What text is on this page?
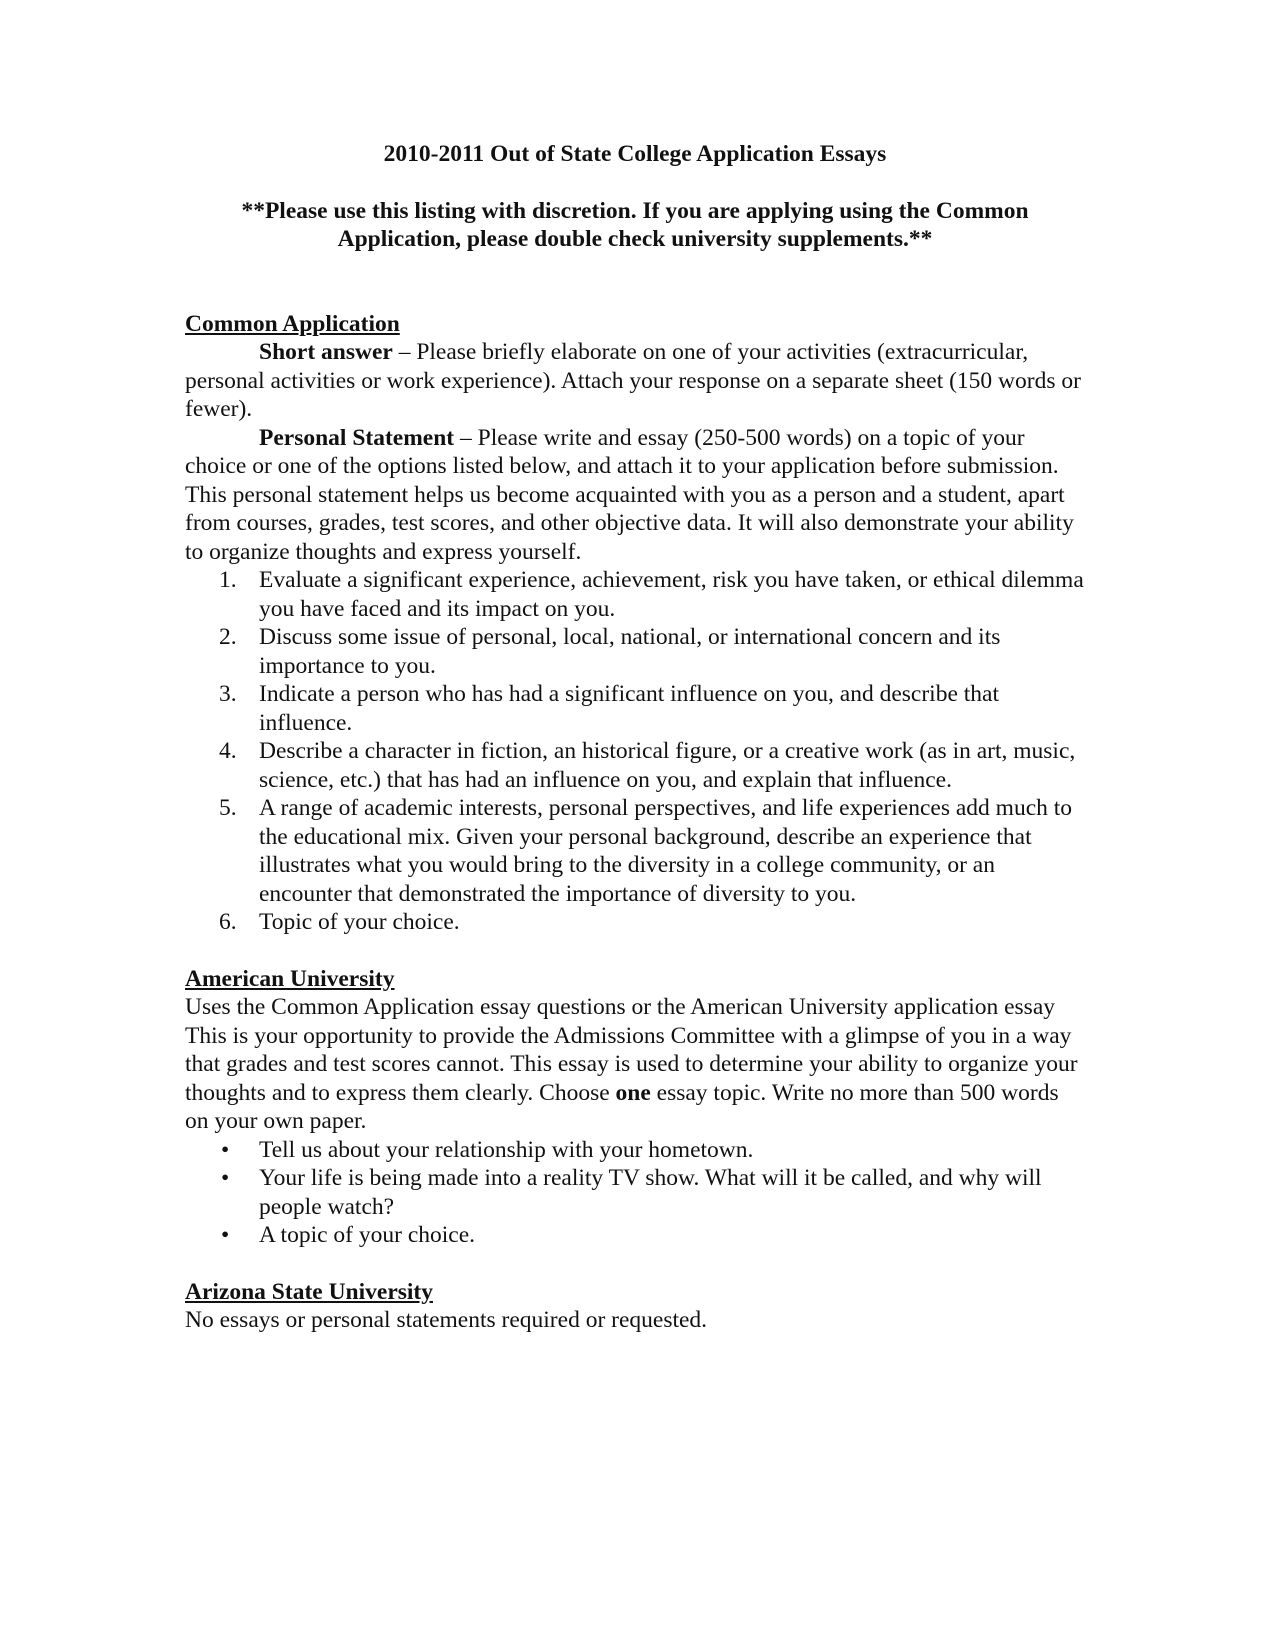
2010-2011 Out of State College Application Essays

**Please use this listing with discretion. If you are applying using the Common Application, please double check university supplements.**

Common Application

Short answer – Please briefly elaborate on one of your activities (extracurricular, personal activities or work experience). Attach your response on a separate sheet (150 words or fewer).

Personal Statement – Please write and essay (250-500 words) on a topic of your choice or one of the options listed below, and attach it to your application before submission. This personal statement helps us become acquainted with you as a person and a student, apart from courses, grades, test scores, and other objective data. It will also demonstrate your ability to organize thoughts and express yourself.

1. Evaluate a significant experience, achievement, risk you have taken, or ethical dilemma you have faced and its impact on you.
2. Discuss some issue of personal, local, national, or international concern and its importance to you.
3. Indicate a person who has had a significant influence on you, and describe that influence.
4. Describe a character in fiction, an historical figure, or a creative work (as in art, music, science, etc.) that has had an influence on you, and explain that influence.
5. A range of academic interests, personal perspectives, and life experiences add much to the educational mix. Given your personal background, describe an experience that illustrates what you would bring to the diversity in a college community, or an encounter that demonstrated the importance of diversity to you.
6. Topic of your choice.

American University

Uses the Common Application essay questions or the American University application essay

This is your opportunity to provide the Admissions Committee with a glimpse of you in a way that grades and test scores cannot. This essay is used to determine your ability to organize your thoughts and to express them clearly. Choose one essay topic. Write no more than 500 words on your own paper.

•	Tell us about your relationship with your hometown.
•	Your life is being made into a reality TV show. What will it be called, and why will people watch?
•	A topic of your choice.

Arizona State University

No essays or personal statements required or requested.
